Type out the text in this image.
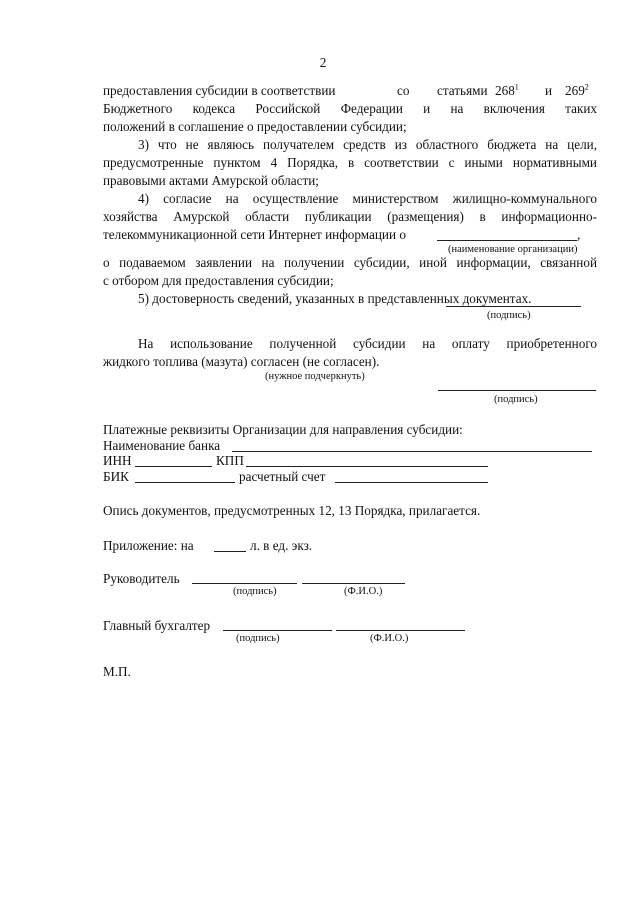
2
предоставления субсидии в соответствии	со статьями $268^1$ и $269^2$
Бюджетного кодекса Российской Федерации и на включения таких
положений в соглашение о предоставлении субсидии;
3) что не являюсь получателем средств из областного бюджета на цели,
предусмотренные пунктом 4 Порядка, в соответствии с иными нормативными
правовыми актами Амурской области;
4) согласие на осуществление министерством жилищно-коммунального
хозяйства Амурской области публикации (размещения) в информационно-
телекоммуникационной сети Интернет информации о	,
(наименование организации)
о подаваемом заявлении на получении субсидии, иной информации, связанной
с отбором для предоставления субсидии;
5) достоверность сведений, указанных в представленных документах.
(подпись)
На использование полученной субсидии на оплату приобретенного
жидкого топлива (мазута) согласен (не согласен).
(нужное подчеркнуть)
(подпись)
Платежные реквизиты Организации для направления субсидии:
Наименование банка
ИНН	КПП
БИК	расчетный счет
Опись документов, предусмотренных 12, 13 Порядка, прилагается.
Приложение: на	л. в ед. экз.
Руководитель
(подпись)	(Ф.И.О.)
Главный бухгалтер
(подпись)	(Ф.И.О.)
М.П.
